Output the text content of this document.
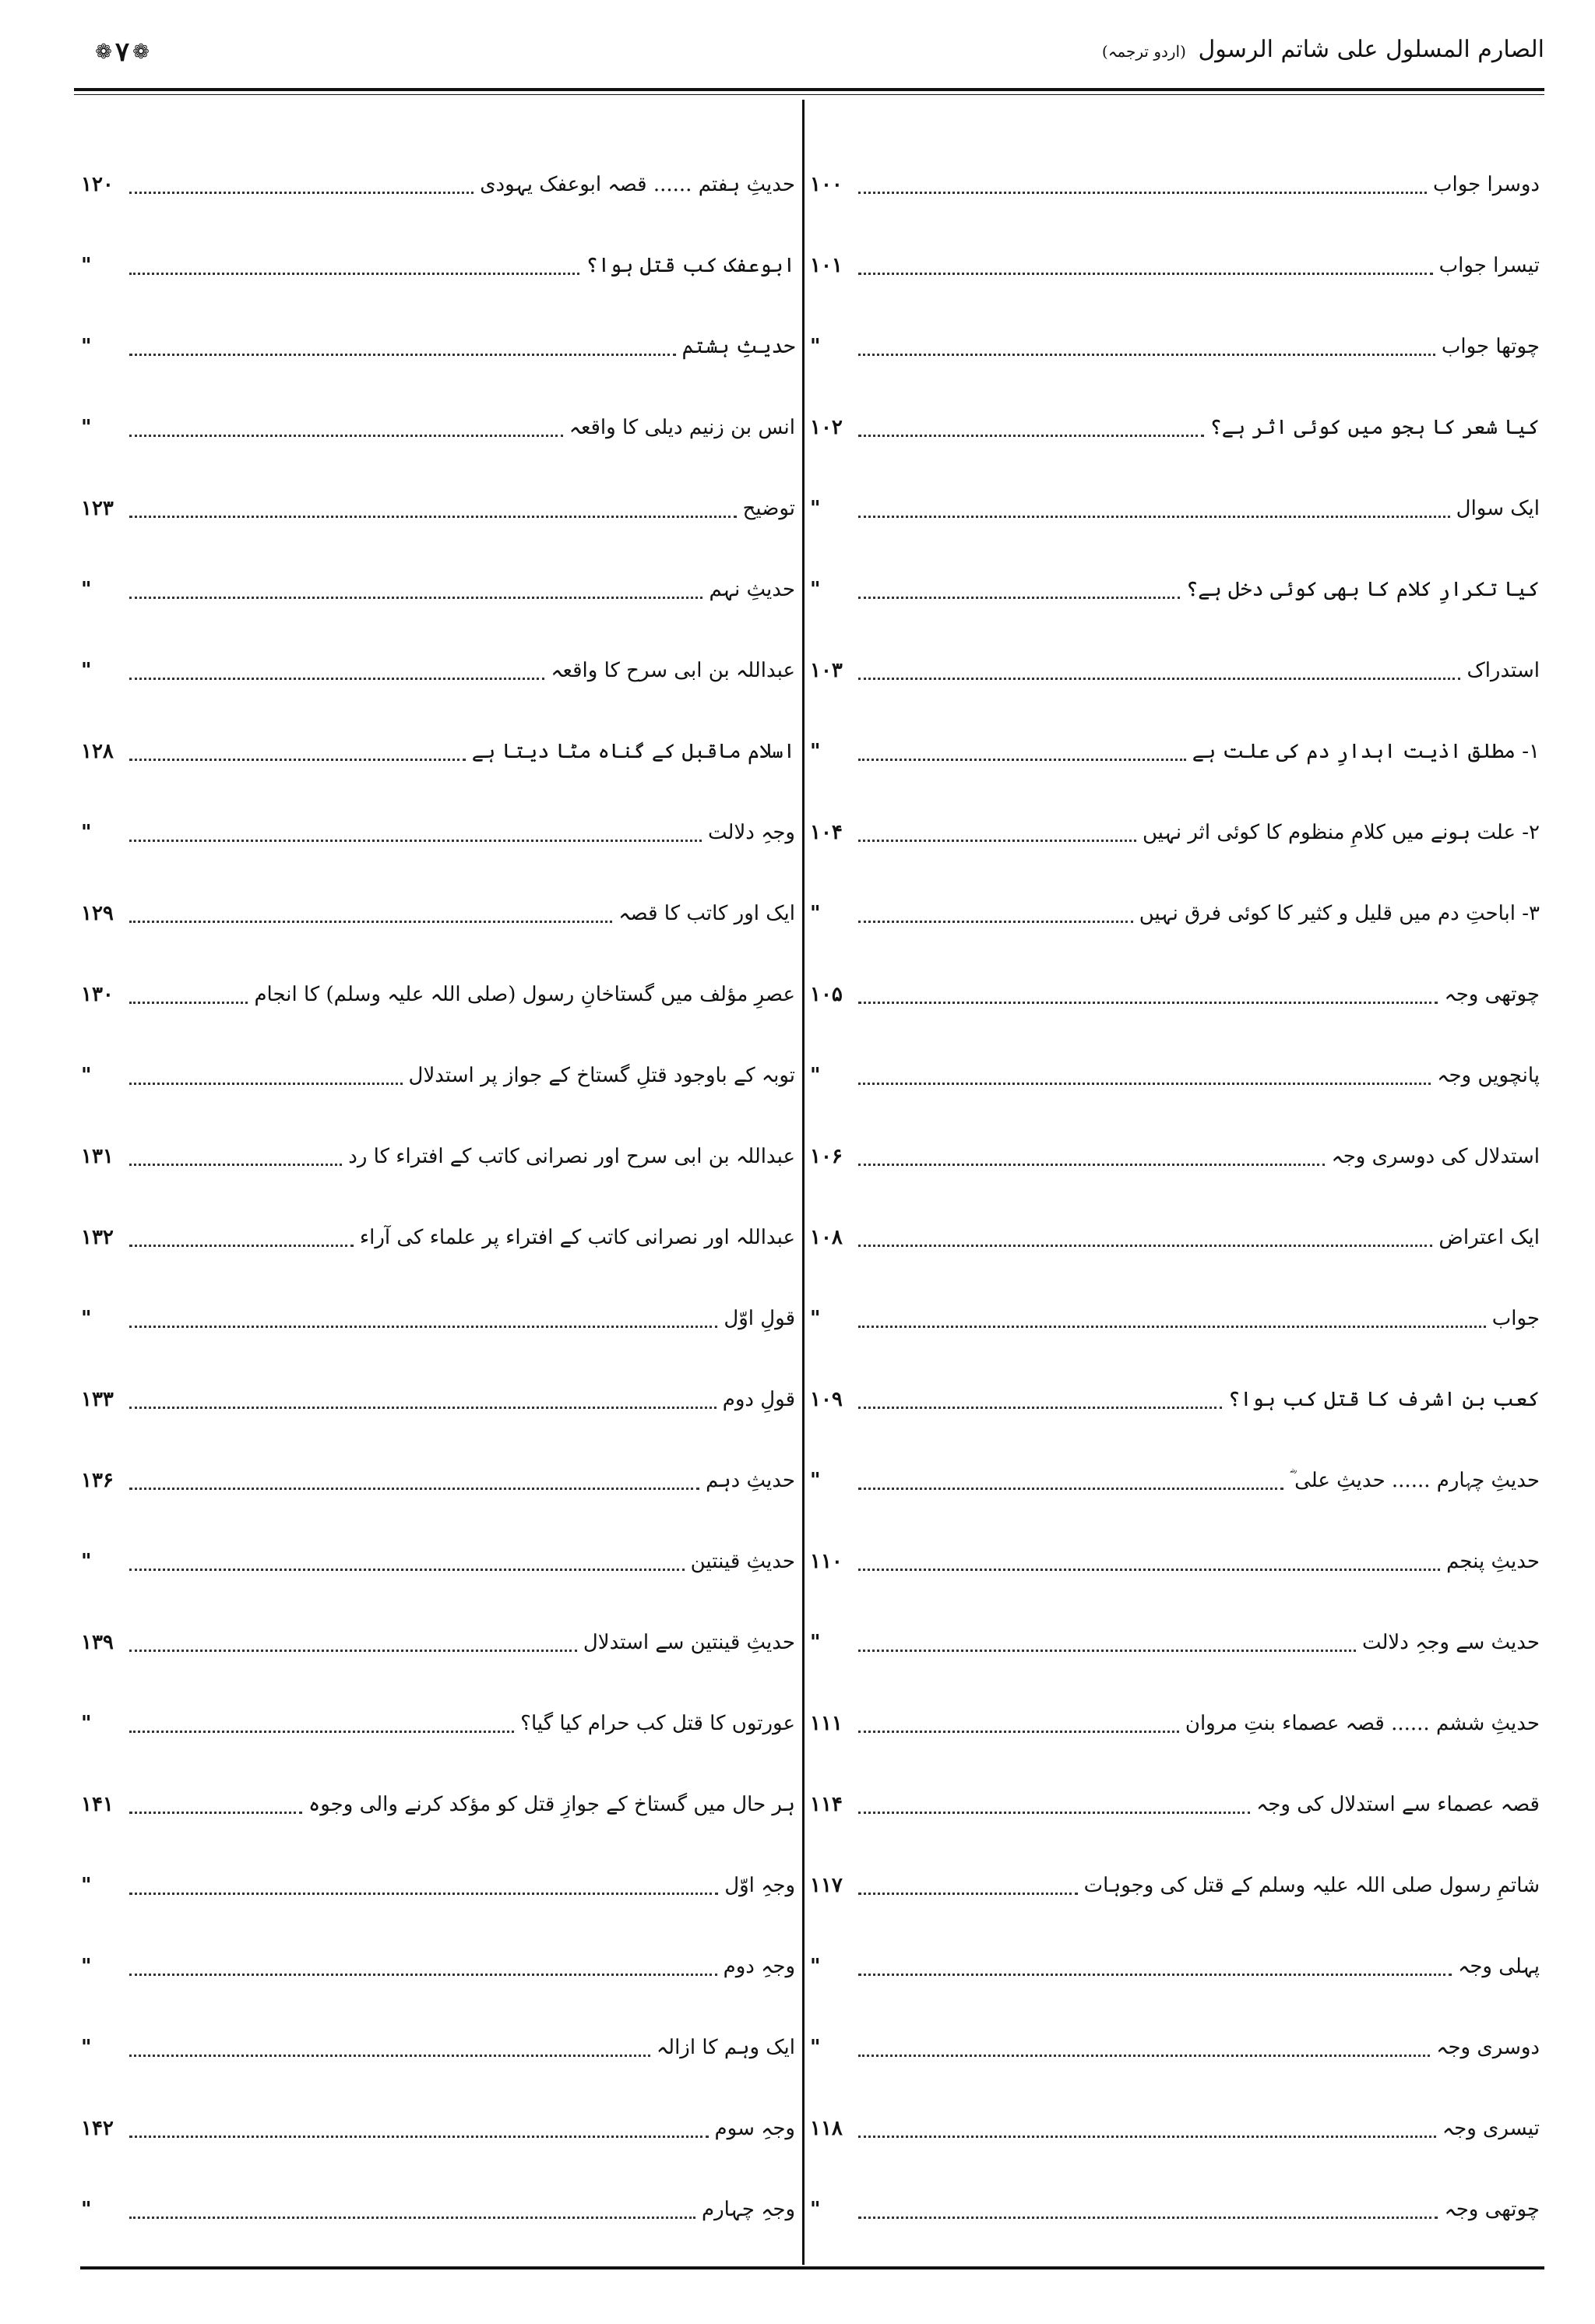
❁ ۷ ❁	الصارم المسلول علی شاتم الرسول (اردو ترجمہ)
دوسرا جواب
۱۰۰
تیسرا جواب
۱۰۱
چوتھا جواب
"
کیا شعر کا ہجو میں کوئی اثر ہے؟
۱۰۲
ایک سوال
"
کیا تکرارِ کلام کا بھی کوئی دخل ہے؟
"
استدراک
۱۰۳
۱- مطلق اذیت اہدارِ دم کی علت ہے
"
۲- علت ہونے میں کلامِ منظوم کا کوئی اثر نہیں
۱۰۴
۳- اباحتِ دم میں قلیل و کثیر کا کوئی فرق نہیں
"
چوتھی وجہ
۱۰۵
پانچویں وجہ
"
استدلال کی دوسری وجہ
۱۰۶
ایک اعتراض
۱۰۸
جواب
"
کعب بن اشرف کا قتل کب ہوا؟
۱۰۹
حدیثِ چہارم ...... حدیثِ علی ؓ
"
حدیثِ پنجم
۱۱۰
حدیث سے وجہِ دلالت
"
حدیثِ ششم ...... قصہ عصماء بنتِ مروان
۱۱۱
قصہ عصماء سے استدلال کی وجہ
۱۱۴
شاتمِ رسول صلی اللہ علیہ وسلم کے قتل کی وجوہات
۱۱۷
پہلی وجہ
"
دوسری وجہ
"
تیسری وجہ
۱۱۸
چوتھی وجہ
"
حدیثِ ہفتم ...... قصہ ابوعفک یہودی
۱۲۰
ابوعفک کب قتل ہوا؟
"
حدیثِ ہشتم
"
انس بن زنیم دیلی کا واقعہ
"
توضیح
۱۲۳
حدیثِ نہم
"
عبداللہ بن ابی سرح کا واقعہ
"
اسلام ماقبل کے گناہ مٹا دیتا ہے
۱۲۸
وجہِ دلالت
"
ایک اور کاتب کا قصہ
۱۲۹
عصرِ مؤلف میں گستاخانِ رسول (صلی اللہ علیہ وسلم) کا انجام
۱۳۰
توبہ کے باوجود قتلِ گستاخ کے جواز پر استدلال
"
عبداللہ بن ابی سرح اور نصرانی کاتب کے افتراء کا رد
۱۳۱
عبداللہ اور نصرانی کاتب کے افتراء پر علماء کی آراء
۱۳۲
قولِ اوّل
"
قولِ دوم
۱۳۳
حدیثِ دہم
۱۳۶
حدیثِ قینتین
"
حدیثِ قینتین سے استدلال
۱۳۹
عورتوں کا قتل کب حرام کیا گیا؟
"
ہر حال میں گستاخ کے جوازِ قتل کو مؤکد کرنے والی وجوہ
۱۴۱
وجہِ اوّل
"
وجہِ دوم
"
ایک وہم کا ازالہ
"
وجہِ سوم
۱۴۲
وجہِ چہارم
"
